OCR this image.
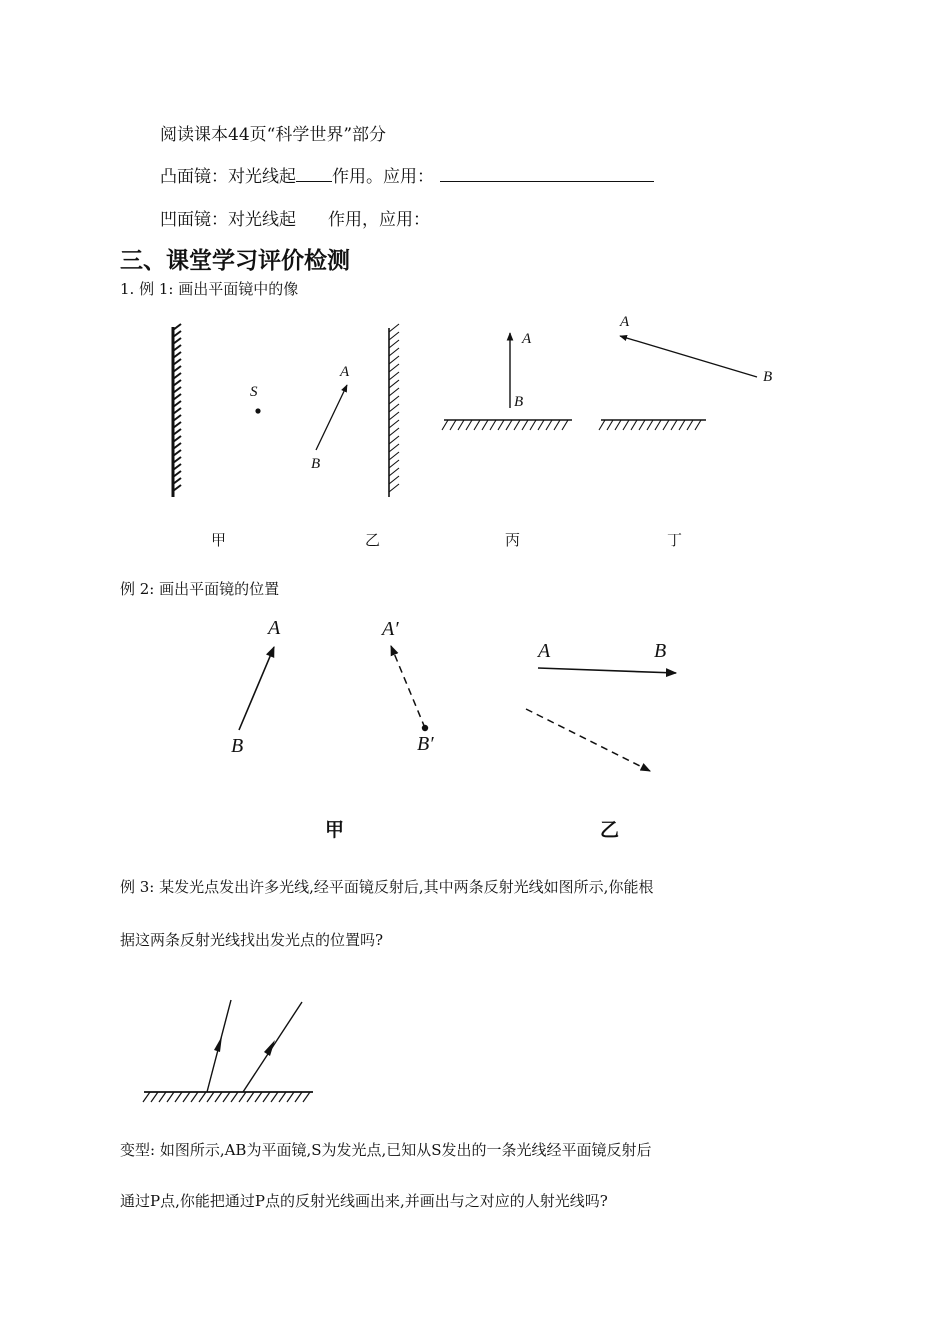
阅读课本44页“科学世界”部分
凸面镜：对光线起 作用。应用：
凹面镜：对光线起 作用，应用：
三、课堂学习评价检测
1. 例 1: 画出平面镜中的像
S
A
B
A
B
A
B
甲	乙	丙	丁
例 2: 画出平面镜的位置
A
B
A′
B′
A	B
甲	乙
例 3: 某发光点发出许多光线,经平面镜反射后,其中两条反射光线如图所示,你能根
据这两条反射光线找出发光点的位置吗?
变型: 如图所示,AB为平面镜,S为发光点,已知从S发出的一条光线经平面镜反射后
通过P点,你能把通过P点的反射光线画出来,并画出与之对应的人射光线吗?
